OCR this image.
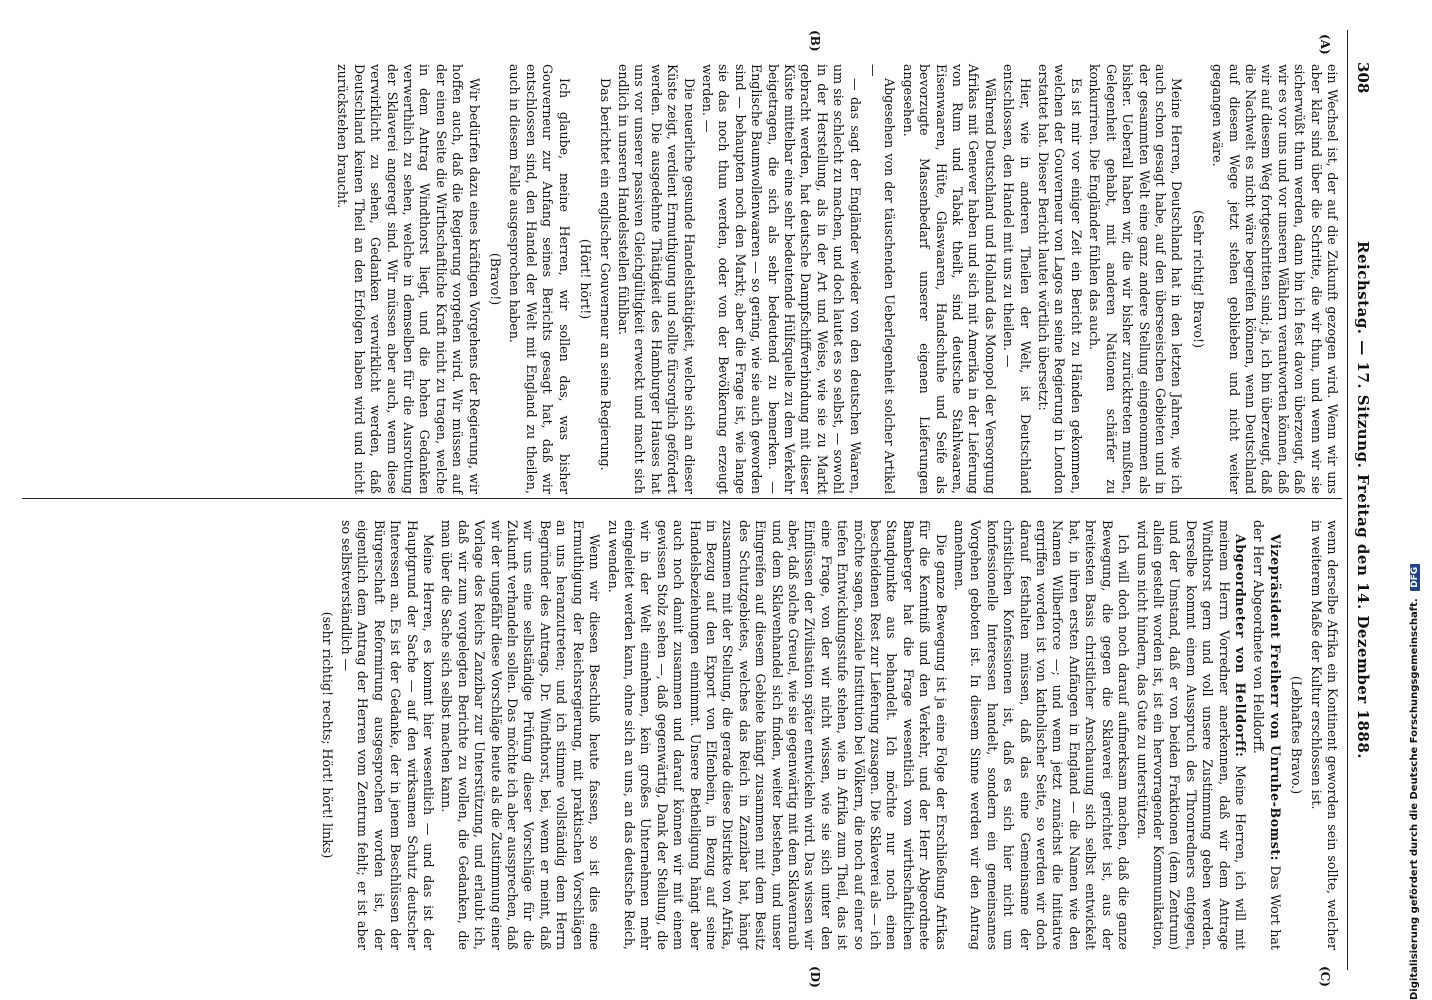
308
Reichstag. — 17. Sitzung. Freitag den 14. Dezember 1888.
(A)
(B)
(C)
(D)

ein Wechsel ist, der auf die Zukunft gezogen wird. Wenn wir uns aber klar sind über die Schritte, die wir thun, und wenn wir sie sicherwüßt thun werden, dann bin ich fest davon überzeugt, daß wir es vor uns und vor unseren Wählern verantworten können, daß wir auf diesem Weg fortgeschritten sind; ja, ich bin überzeugt, daß die Nachwelt es nicht wäre begreifen können, wenn Deutschland auf diesem Wege jetzt stehen geblieben und nicht weiter gegangen wäre.

(Sehr richtig! Bravo!)

Meine Herren, Deutschland hat in den letzten Jahren, wie ich auch schon gesagt habe, auf den überseeischen Gebieten und in der gesammten Welt eine ganz andere Stellung eingenommen als bisher. Ueberall haben wir, die wir bisher zurücktreten mußten, Gelegenheit gehabt, mit anderen Nationen schärfer zu konkurriren. Die Engländer fühlen das auch.

Es ist mir vor einiger Zeit ein Bericht zu Händen gekommen, welchen der Gouverneur von Lagos an seine Regierung in London erstattet hat. Dieser Bericht lautet wörtlich übersetzt:

Hier, wie in anderen Theilen der Welt, ist Deutschland entschlossen, den Handel mit uns zu theilen. —

Während Deutschland und Holland das Monopol der Versorgung Afrikas mit Genever haben und sich mit Amerika in der Lieferung von Rum und Tabak theilt, sind deutsche Stahlwaaren, Eisenwaaren, Hüte, Glaswaaren, Handschuhe und Seife als bevorzugte Massenbedarf unserer eigenen Lieferungen angesehen.

Abgesehen von der täuschenden Ueberlegenheit solcher Artikel —

— das sagt der Engländer wieder von den deutschen Waaren, um sie schlecht zu machen, und doch lautet es so selbst, — sowohl in der Herstellung, als in der Art und Weise, wie sie zu Markt gebracht werden, hat deutsche Dampfschiffverbindung mit dieser Küste mittelbar eine sehr bedeutende Hülfsquelle zu dem Verkehr beigetragen, die sich als sehr bedeutend zu bemerken. — Englische Baumwollenwaaren — so gering, wie sie auch geworden sind — behaupten noch den Markt; aber die Frage ist, wie lange sie das noch thun werden, oder von der Bevölkerung erzeugt werden. —

Die neuerliche gesunde Handelsthätigkeit, welche sich an dieser Küste zeigt, verdient Ermuthigung und sollte fürsorglich gefördert werden. Die ausgedehnte Thätigkeit des Hamburger Hauses hat uns vor unserer passiven Gleichgültigkeit erweckt und macht sich endlich in unseren Handelsstellen fühlbar.

Das berichtet ein englischer Gouverneur an seine Regierung.

(Hört! hört!)

Ich glaube, meine Herren, wir sollen das, was bisher Gouverneur zur Anfang seines Berichts gesagt hat, daß wir entschlossen sind, den Handel der Welt mit England zu theilen, auch in diesem Falle ausgesprochen haben.

(Bravo!)

Wir bedürfen dazu eines kräftigen Vorgehens der Regierung, wir hoffen auch, daß die Regierung vorgehen wird. Wir müssen auf der einen Seite die Wirthschaftliche Kraft nicht zu tragen, welche in dem Antrag Windthorst liegt, und die hohen Gedanken verwerthlich zu sehen, welche in demselben für die Ausrottung der Sklaverei angeregt sind. Wir müssen aber auch, wenn diese verwirklicht zu sehen, Gedanken verwirklicht werden, daß Deutschland keinen Theil an den Erfolgen haben wird und nicht zurückstehen braucht.

wenn derselbe Afrika ein Kontinent geworden sein sollte, welcher in weiterem Maße der Kultur erschlossen ist.

(Lebhaftes Bravo.)

Vizepräsident Freiherr von Unruhe-Bomst: Das Wort hat der Herr Abgeordnete von Helldorff.

Abgeordneter von Helldorff: Meine Herren, ich will mit meinem Herrn Vorredner anerkennen, daß wir dem Antrage Windthorst gern und voll unsere Zustimmung geben werden. Derselbe kommt einem Ausspruch des Thronredners entgegen, und der Umstand, daß er von beiden Fraktionen (dem Zentrum) allein gestellt worden ist, ist ein hervorragender Kommunikation, wird uns nicht hindern, das Gute zu unterstützen.

Ich will doch noch darauf aufmerksam machen, daß die ganze Bewegung, die gegen die Sklaverei gerichtet ist, aus der breitesten Basis christlicher Anschauung sich selbst entwickelt hat, in ihren ersten Anfängen in England — die Namen wie den Namen Wilberforce —; und wenn jetzt zunächst die Initiative ergriffen worden ist von katholischer Seite, so werden wir doch darauf festhalten müssen, daß das eine Gemeinsame der christlichen Konfessionen ist, daß es sich hier nicht um konfessionelle Interessen handelt, sondern ein gemeinsames Vorgehen geboten ist. In diesem Sinne werden wir den Antrag annehmen.

Die ganze Bewegung ist ja eine Folge der Erschließung Afrikas für die Kenntniß und den Verkehr, und der Herr Abgeordnete Bamberger hat die Frage wesentlich vom wirthschaftlichen Standpunkte aus behandelt. Ich möchte nur noch einen bescheidenen Rest zur Lieferung zusagen. Die Sklaverei als — ich möchte sagen, soziale Institution bei Völkern, die noch auf einer so tiefen Entwicklungsstufe stehen, wie in Afrika zum Theil, das ist eine Frage, von der wir nicht wissen, wie sie sich unter den Einflüssen der Zivilisation später entwickeln wird. Das wissen wir aber, daß solche Greuel, wie sie gegenwärtig mit dem Sklavenraub und dem Sklavenhandel sich finden, weiter bestehen, und unser Eingreifen auf diesem Gebiete hängt zusammen mit dem Besitz des Schutzgebietes, welches das Reich in Zanzibar hat, hängt zusammen mit der Stellung, die gerade diese Distrikte von Afrika, in Bezug auf den Export von Elfenbein, in Bezug auf seine Handelsbeziehungen einnimmt. Unsere Betheiligung hängt aber auch noch damit zusammen und darauf können wir mit einem gewissen Stolz sehen —, daß gegenwärtig, Dank der Stellung, die wir in der Welt einnehmen, kein großes Unternehmen mehr eingeleitet werden kann, ohne sich an uns, an das deutsche Reich, zu wenden.

Wenn wir diesen Beschluß heute fassen, so ist dies eine Ermuthigung der Reichsregierung, mit praktischen Vorschlägen an uns heranzutreten; und ich stimme vollständig dem Herrn Begründer des Antrags, Dr. Windthorst, bei, wenn er meint, daß wir uns eine selbständige Prüfung dieser Vorschläge für die Zukunft verhandeln sollen. Das möchte ich aber aussprechen, daß wir der ungefähr diese Vorschläge heute als die Zustimmung einer Vorlage des Reichs Zanzibar zur Unterstützung, und erlaubt ich, daß wir zum vorgelegten Berichte zu wollen, die Gedanken, die man über die Sache sich selbst machen kann.

Meine Herren, es kommt hier wesentlich — und das ist der Hauptgrund der Sache — auf den wirksamen Schutz deutscher Interessen an. Es ist der Gedanke, der in jenem Beschlüssen der Bürgerschaft Reformirung ausgesprochen worden ist, der eigentlich dem Antrag der Herren vom Zentrum fehlt; er ist aber so selbstverständlich —

(sehr richtig! rechts; Hört! hört! links)	Digitalisierung gefördert durch die Deutsche Forschungsgemeinschaft. DFG
